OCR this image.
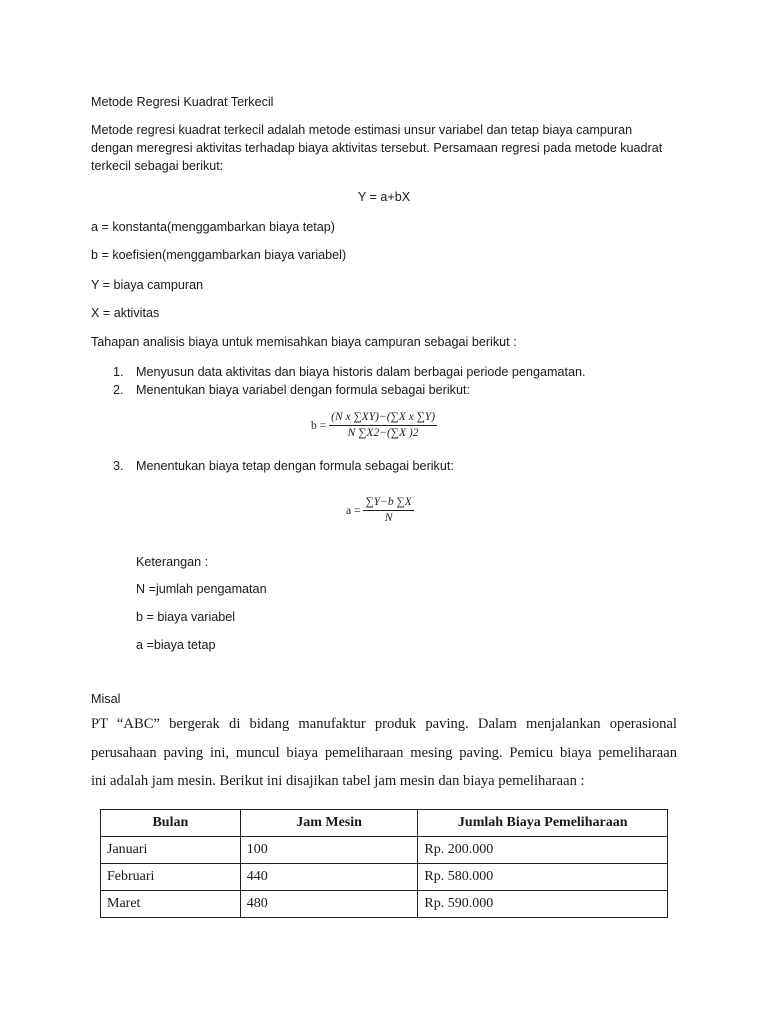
Metode Regresi Kuadrat Terkecil
Metode regresi kuadrat terkecil adalah metode estimasi unsur variabel dan tetap biaya campuran
dengan meregresi aktivitas terhadap biaya aktivitas tersebut. Persamaan regresi pada metode kuadrat
terkecil sebagai berikut:
Y = a+bX
a = konstanta(menggambarkan biaya tetap)
b = koefisien(menggambarkan biaya variabel)
Y = biaya campuran
X = aktivitas
Tahapan analisis biaya untuk memisahkan biaya campuran sebagai berikut :
1. Menyusun data aktivitas dan biaya historis dalam berbagai periode pengamatan.
2. Menentukan biaya variabel dengan formula sebagai berikut:
3. Menentukan biaya tetap dengan formula sebagai berikut:
$b = \frac{\text{(N x ∑XY)−(∑X x ∑Y)}}{N \sum X2-(\sum X )2}$
$a = \frac{\sum Y-b \sum X}{N}$
Keterangan :
N =jumlah pengamatan
b = biaya variabel
a =biaya tetap
Misal
PT “ABC” bergerak di bidang manufaktur produk paving. Dalam menjalankan operasional
perusahaan paving ini, muncul biaya pemeliharaan mesing paving. Pemicu biaya pemeliharaan
ini adalah jam mesin. Berikut ini disajikan tabel jam mesin dan biaya pemeliharaan :
Bulan	Jam Mesin	Jumlah Biaya Pemeliharaan
Januari	100	Rp. 200.000
Februari	440	Rp. 580.000
Maret	480	Rp. 590.000
